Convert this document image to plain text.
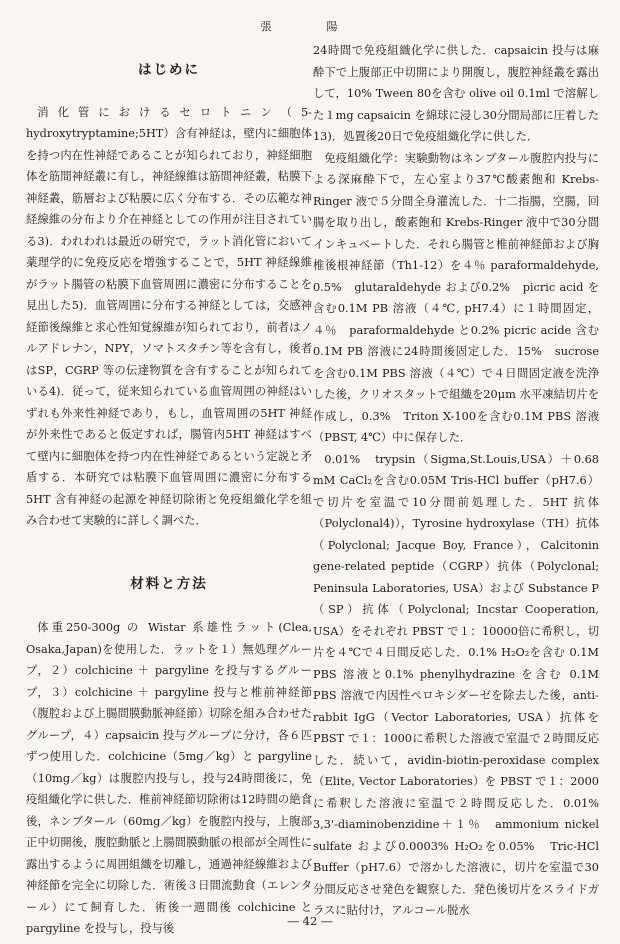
張　陽
はじめに

消化管におけるセロトニン（5-hydroxytryptamine;5HT）含有神経は，壁内に細胞体を持つ内在性神経であることが知られており，神経細胞体を筋間神経叢に有し，神経線維は筋間神経叢，粘膜下神経叢，筋層および粘膜に広く分布する．その広範な神経線維の分布より介在神経としての作用が注目されている3)．われわれは最近の研究で，ラット消化管において薬理学的に免疫反応を増強することで，5HT 神経線維がラット腸管の粘膜下血管周囲に濃密に分布することを見出した5)．血管周囲に分布する神経としては，交感神経節後線維と求心性知覚線維が知られており，前者はノルアドレナン，NPY，ソマトスタチン等を含有し，後者はSP，CGRP 等の伝達物質を含有することが知られている4)．従って，従来知られている血管周囲の神経はいずれも外来性神経であり，もし，血管周囲の5HT 神経が外来性であると仮定すれば，腸管内5HT 神経はすべて壁内に細胞体を持つ内在性神経であるという定説と矛盾する．本研究では粘膜下血管周囲に濃密に分布する5HT 含有神経の起源を神経切除術と免疫組織化学を組み合わせて実験的に詳しく調べた．

材料と方法

体重250-300g の Wistar 系雄性ラット(Clea, Osaka,Japan)を使用した．ラットを１）無処理グループ，２）colchicine ＋ pargyline を投与するグループ，３）colchicine ＋ pargyline 投与と椎前神経節（腹腔および上腸間膜動脈神経節）切除を組み合わせたグループ，４）capsaicin 投与グループに分け，各６匹ずつ使用した．colchicine（5mg／kg）と pargyline（10mg／kg）は腹腔内投与し，投与24時間後に，免疫組織化学に供した．椎前神経節切除術は12時間の絶食後，ネンブタール（60mg／kg）を腹腔内投与，上腹部正中切開後，腹腔動脈と上腸間膜動脈の根部が全周性に露出するように周囲組織を切離し，通過神経線維および神経節を完全に切除した．術後３日間流動食（エレンタール）にて飼育した．術後一週間後 colchicine と pargyline を投与し，投与後

24時間で免疫組織化学に供した．capsaicin 投与は麻酔下で上腹部正中切開により開腹し，腹腔神経叢を露出して，10% Tween 80を含む olive oil 0.1ml で溶解した１mg capsaicin を綿球に浸し30分間局部に圧着した13)．処置後20日で免疫組織化学に供した．

免疫組織化学：実験動物はネンブタール腹腔内投与による深麻酔下で，左心室より37℃酸素飽和 Krebs-Ringer 液で５分間全身灌流した．十二指腸，空腸，回腸を取り出し，酸素飽和 Krebs-Ringer 液中で30分間インキュベートした．それら腸管と椎前神経節および胸椎後根神経節（Th1-12）を４％ paraformaldehyde, 0.5%　glutaraldehyde および0.2%　picric acid を含む0.1M PB 溶液（４℃, pH7.4）に１時間固定，４％　paraformaldehyde と0.2% picric acide 含む0.1M PB 溶液に24時間後固定した．15%　sucrose を含む0.1M PBS 溶液（４℃）で４日間固定液を洗浄した後，クリオスタットで組織を20μm 水平凍結切片を作成し，0.3%　Triton X-100を含む0.1M PBS 溶液（PBST, 4℃）中に保存した．

0.01%　trypsin（Sigma,St.Louis,USA）＋0.68 mM CaCl₂を含む0.05M Tris-HCl buffer（pH7.6）で切片を室温で10分間前処理した．5HT 抗体（Polyclonal4)），Tyrosine hydroxylase（TH）抗体（Polyclonal; Jacque Boy, France），Calcitonin gene-related peptide（CGRP）抗体（Polyclonal; Peninsula Laboratories, USA）および Substance P（SP）抗体（Polyclonal; Incstar Cooperation, USA）をそれぞれ PBST で１：10000倍に希釈し，切片を４℃で４日間反応した．0.1% H₂O₂を含む 0.1M　PBS 溶液と0.1% phenylhydrazine を含む 0.1M PBS 溶液で内因性ペロキシダーゼを除去した後，anti-rabbit IgG（Vector Laboratories, USA）抗体を PBST で１：1000に希釈した溶液で室温で２時間反応した．続いて，avidin-biotin-peroxidase complex（Elite, Vector Laboratories）を PBST で１：2000に希釈した溶液に室温で２時間反応した．0.01%　3,3'-diaminobenzidine＋１％　ammonium nickel sulfate および0.0003% H₂O₂を0.05%　Tric-HCl Buffer（pH7.6）で溶かした溶液に，切片を室温で30分間反応させ発色を観察した．発色後切片をスライドガラスに貼付け，アルコール脱水

― 42 ―
